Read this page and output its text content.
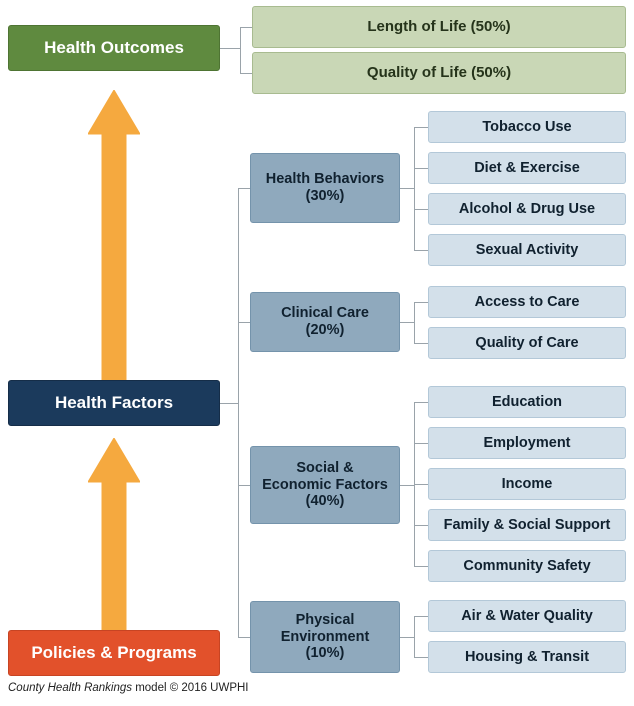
Health Outcomes
Length of Life (50%)
Quality of Life (50%)
Health Factors
Health Behaviors
(30%)
Tobacco Use
Diet & Exercise
Alcohol & Drug Use
Sexual Activity
Clinical Care
(20%)
Access to Care
Quality of Care
Social &
Economic Factors
(40%)
Education
Employment
Income
Family & Social Support
Community Safety
Physical
Environment
(10%)
Air & Water Quality
Housing & Transit
Policies & Programs
County Health Rankings model © 2016 UWPHI
